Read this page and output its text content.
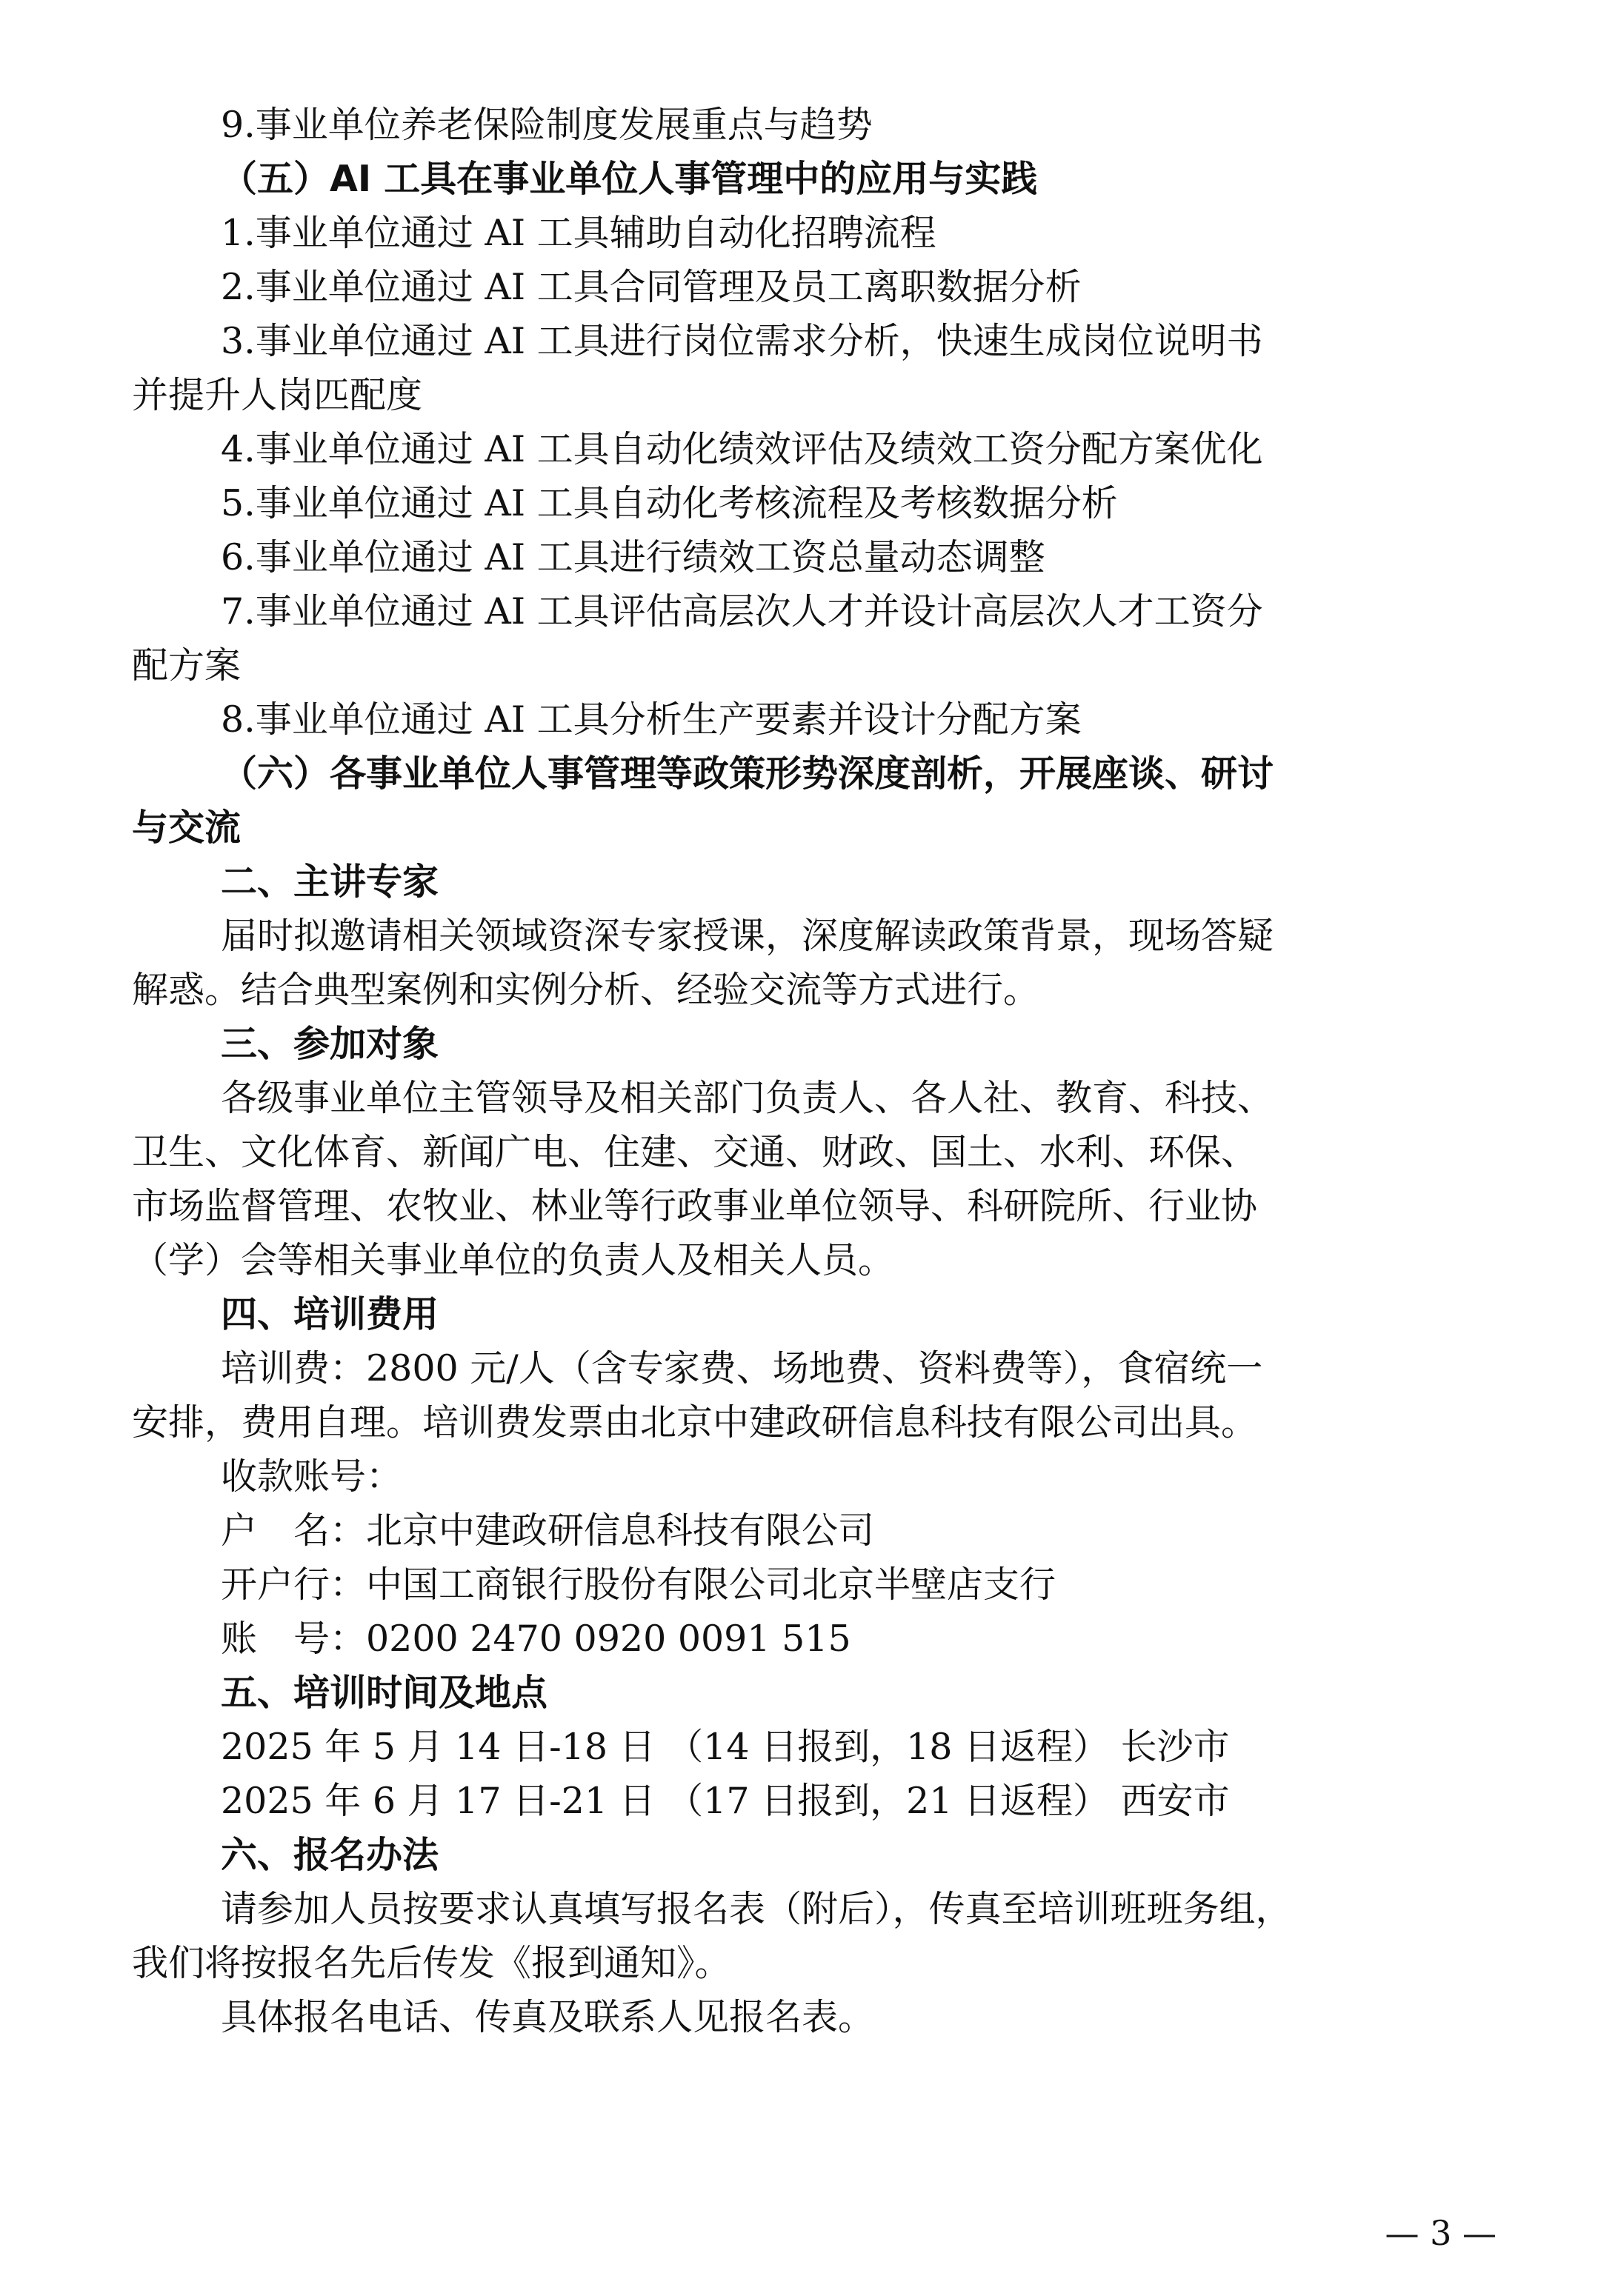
9.事业单位养老保险制度发展重点与趋势
（五）AI 工具在事业单位人事管理中的应用与实践
1.事业单位通过 AI 工具辅助自动化招聘流程
2.事业单位通过 AI 工具合同管理及员工离职数据分析
3.事业单位通过 AI 工具进行岗位需求分析，快速生成岗位说明书
并提升人岗匹配度
4.事业单位通过 AI 工具自动化绩效评估及绩效工资分配方案优化
5.事业单位通过 AI 工具自动化考核流程及考核数据分析
6.事业单位通过 AI 工具进行绩效工资总量动态调整
7.事业单位通过 AI 工具评估高层次人才并设计高层次人才工资分
配方案
8.事业单位通过 AI 工具分析生产要素并设计分配方案
（六）各事业单位人事管理等政策形势深度剖析，开展座谈、研讨
与交流
二、主讲专家
届时拟邀请相关领域资深专家授课，深度解读政策背景，现场答疑
解惑。结合典型案例和实例分析、经验交流等方式进行。
三、参加对象
各级事业单位主管领导及相关部门负责人、各人社、教育、科技、
卫生、文化体育、新闻广电、住建、交通、财政、国土、水利、环保、
市场监督管理、农牧业、林业等行政事业单位领导、科研院所、行业协
（学）会等相关事业单位的负责人及相关人员。
四、培训费用
培训费：2800 元/人（含专家费、场地费、资料费等），食宿统一
安排，费用自理。培训费发票由北京中建政研信息科技有限公司出具。
收款账号：
户　名：北京中建政研信息科技有限公司
开户行：中国工商银行股份有限公司北京半壁店支行
账　号：0200 2470 0920 0091 515
五、培训时间及地点
2025 年 5 月 14 日-18 日 （14 日报到，18 日返程） 长沙市
2025 年 6 月 17 日-21 日 （17 日报到，21 日返程） 西安市
六、报名办法
请参加人员按要求认真填写报名表（附后），传真至培训班班务组，
我们将按报名先后传发《报到通知》。
具体报名电话、传真及联系人见报名表。
— 3 —
